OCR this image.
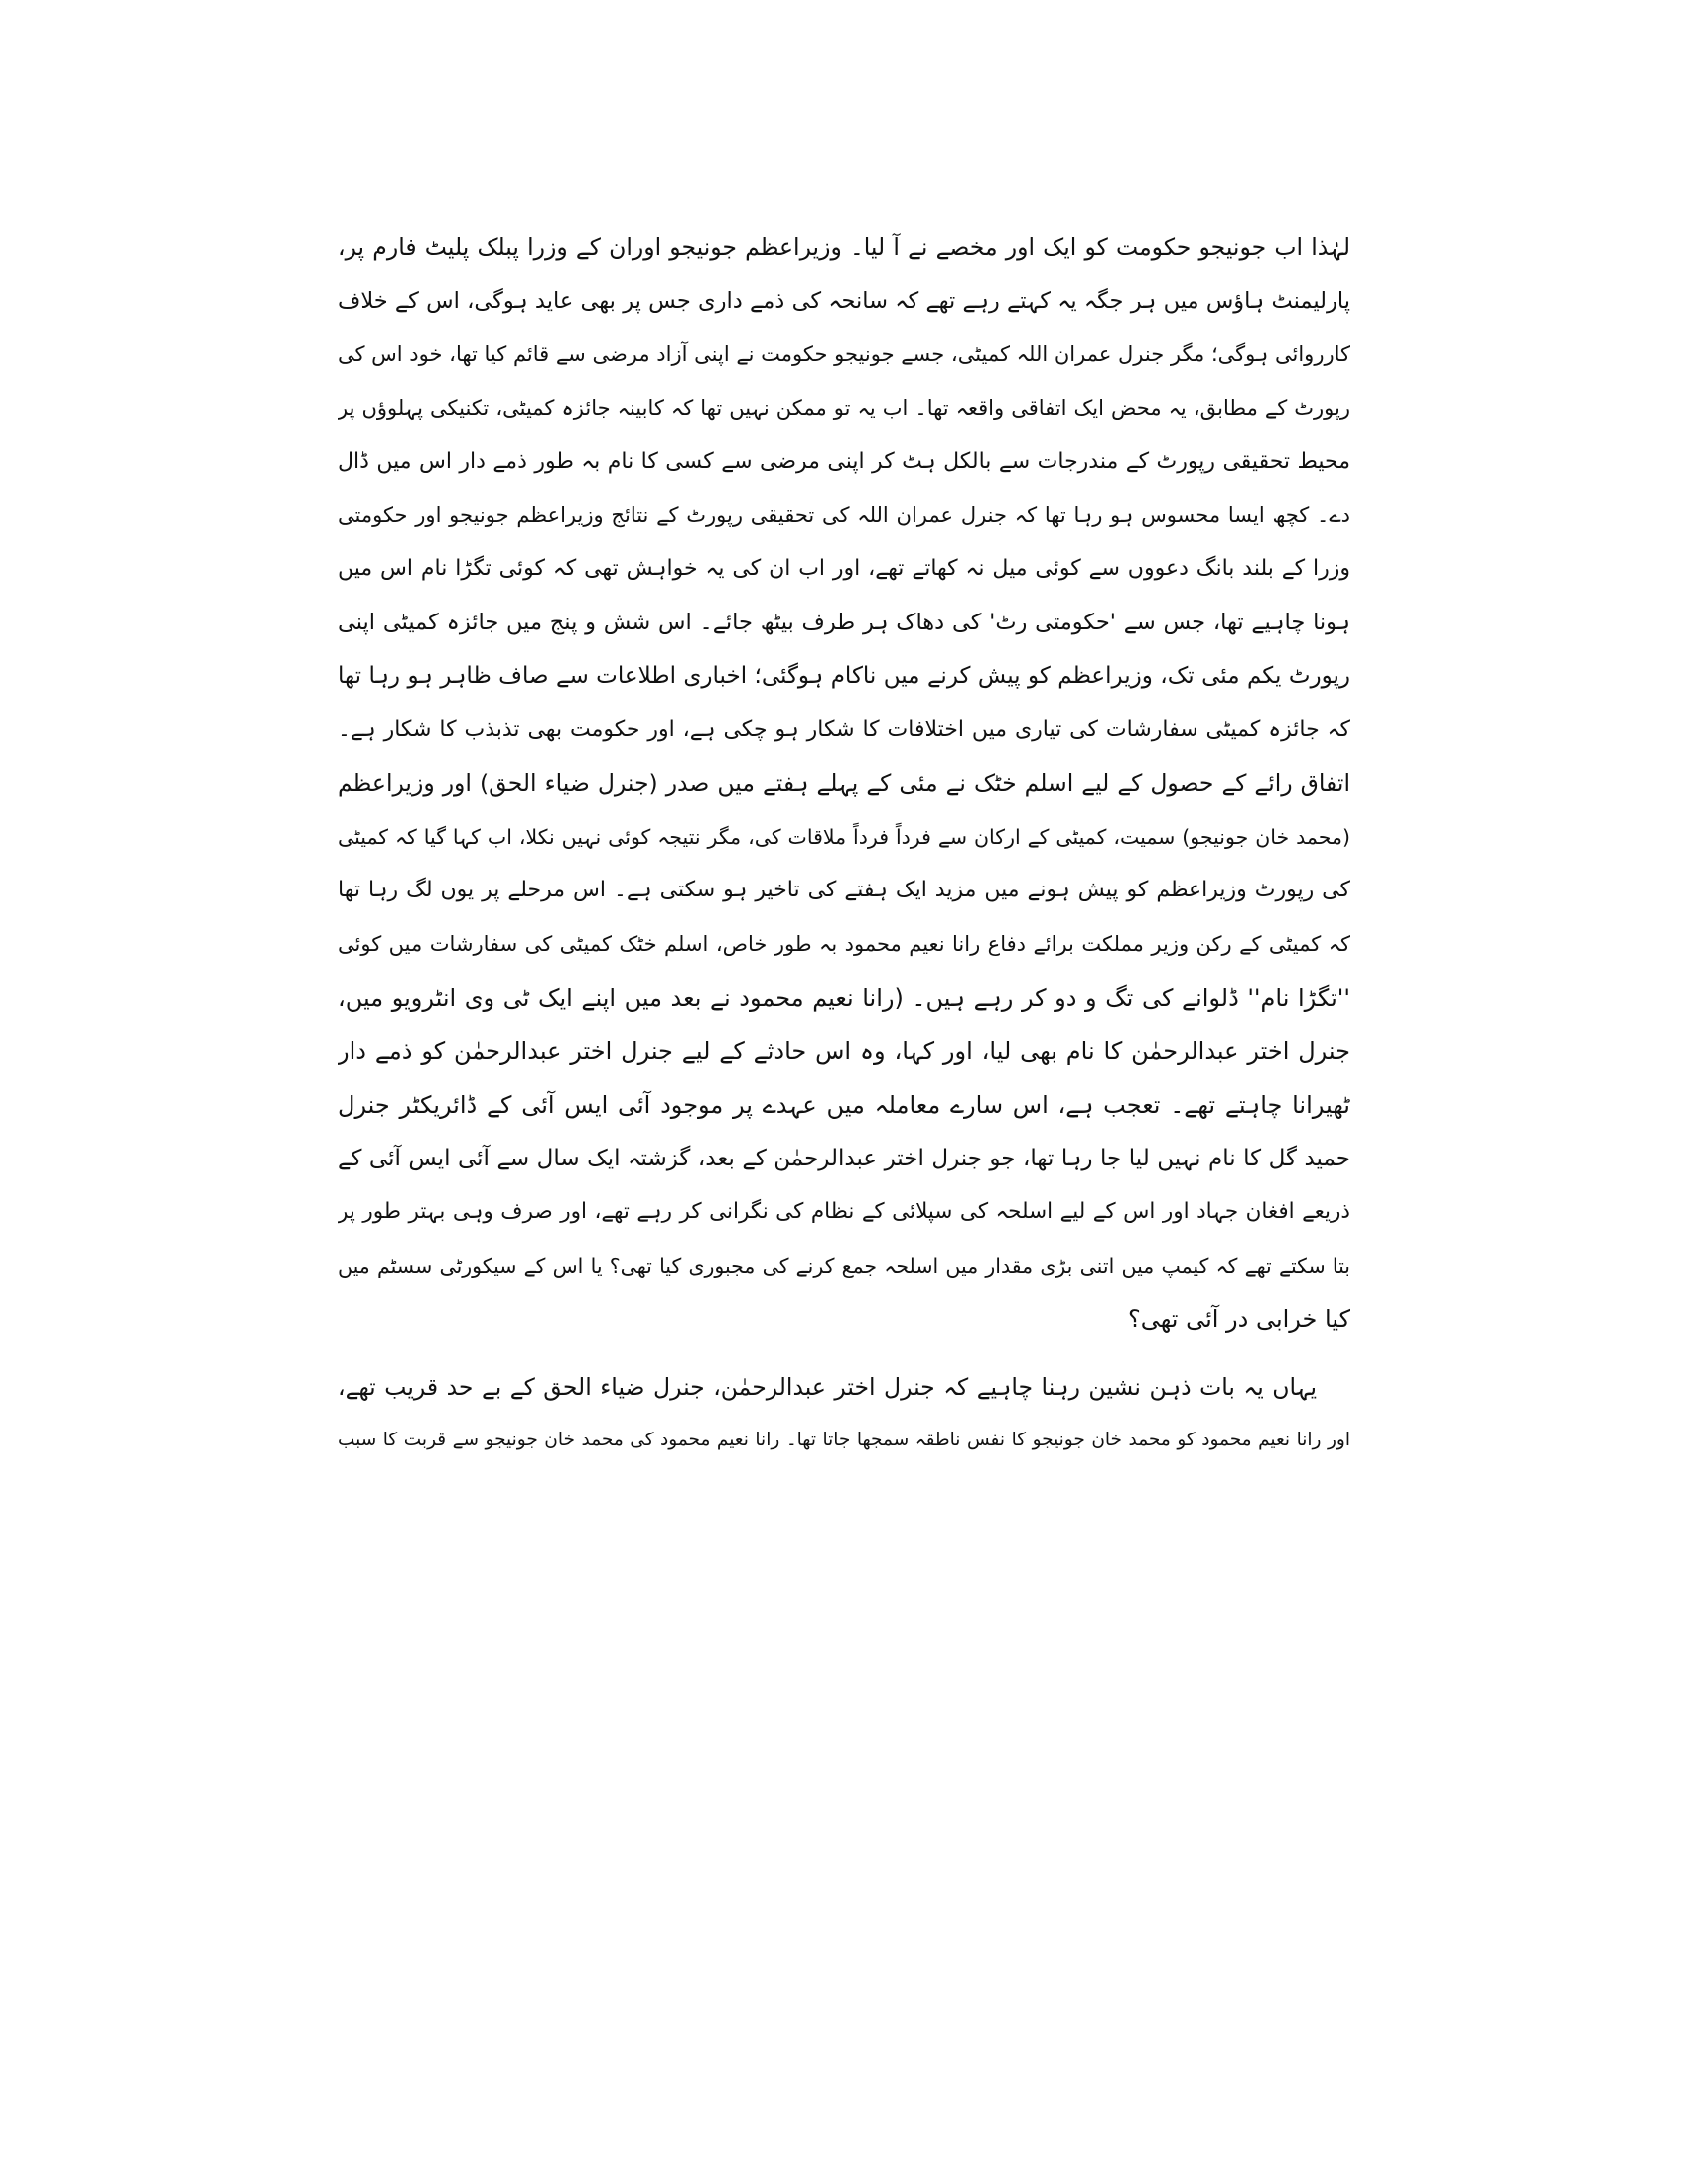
لہٰذا اب جونیجو حکومت کو ایک اور مخصے نے آ لیا۔ وزیراعظم جونیجو اوران کے وزرا پبلک پلیٹ فارم پر،
پارلیمنٹ ہاؤس میں ہر جگہ یہ کہتے رہے تھے کہ سانحہ کی ذمے داری جس پر بھی عاید ہوگی، اس کے خلاف
کارروائی ہوگی؛ مگر جنرل عمران اللہ کمیٹی، جسے جونیجو حکومت نے اپنی آزاد مرضی سے قائم کیا تھا، خود اس کی
رپورٹ کے مطابق، یہ محض ایک اتفاقی واقعہ تھا۔ اب یہ تو ممکن نہیں تھا کہ کابینہ جائزہ کمیٹی، تکنیکی پہلوؤں پر
محیط تحقیقی رپورٹ کے مندرجات سے بالکل ہٹ کر اپنی مرضی سے کسی کا نام بہ طور ذمے دار اس میں ڈال
دے۔ کچھ ایسا محسوس ہو رہا تھا کہ جنرل عمران اللہ کی تحقیقی رپورٹ کے نتائج وزیراعظم جونیجو اور حکومتی
وزرا کے بلند بانگ دعووں سے کوئی میل نہ کھاتے تھے، اور اب ان کی یہ خواہش تھی کہ کوئی تگڑا نام اس میں
ہونا چاہیے تھا، جس سے 'حکومتی رٹ' کی دھاک ہر طرف بیٹھ جائے۔ اس شش و پنج میں جائزہ کمیٹی اپنی
رپورٹ یکم مئی تک، وزیراعظم کو پیش کرنے میں ناکام ہوگئی؛ اخباری اطلاعات سے صاف ظاہر ہو رہا تھا
کہ جائزہ کمیٹی سفارشات کی تیاری میں اختلافات کا شکار ہو چکی ہے، اور حکومت بھی تذبذب کا شکار ہے۔
اتفاق رائے کے حصول کے لیے اسلم خٹک نے مئی کے پہلے ہفتے میں صدر (جنرل ضیاء الحق) اور وزیراعظم
(محمد خان جونیجو) سمیت، کمیٹی کے ارکان سے فرداً فرداً ملاقات کی، مگر نتیجہ کوئی نہیں نکلا، اب کہا گیا کہ کمیٹی
کی رپورٹ وزیراعظم کو پیش ہونے میں مزید ایک ہفتے کی تاخیر ہو سکتی ہے۔ اس مرحلے پر یوں لگ رہا تھا
کہ کمیٹی کے رکن وزیر مملکت برائے دفاع رانا نعیم محمود بہ طور خاص، اسلم خٹک کمیٹی کی سفارشات میں کوئی
''تگڑا نام'' ڈلوانے کی تگ و دو کر رہے ہیں۔ (رانا نعیم محمود نے بعد میں اپنے ایک ٹی وی انٹرویو میں،
جنرل اختر عبدالرحمٰن کا نام بھی لیا، اور کہا، وہ اس حادثے کے لیے جنرل اختر عبدالرحمٰن کو ذمے دار
ٹھیرانا چاہتے تھے۔ تعجب ہے، اس سارے معاملہ میں عہدے پر موجود آئی ایس آئی کے ڈائریکٹر جنرل
حمید گل کا نام نہیں لیا جا رہا تھا، جو جنرل اختر عبدالرحمٰن کے بعد، گزشتہ ایک سال سے آئی ایس آئی کے
ذریعے افغان جہاد اور اس کے لیے اسلحہ کی سپلائی کے نظام کی نگرانی کر رہے تھے، اور صرف وہی بہتر طور پر
بتا سکتے تھے کہ کیمپ میں اتنی بڑی مقدار میں اسلحہ جمع کرنے کی مجبوری کیا تھی؟ یا اس کے سیکورٹی سسٹم میں
کیا خرابی در آئی تھی؟
یہاں یہ بات ذہن نشین رہنا چاہیے کہ جنرل اختر عبدالرحمٰن، جنرل ضیاء الحق کے بے حد قریب تھے،
اور رانا نعیم محمود کو محمد خان جونیجو کا نفس ناطقہ سمجھا جاتا تھا۔ رانا نعیم محمود کی محمد خان جونیجو سے قربت کا سبب
